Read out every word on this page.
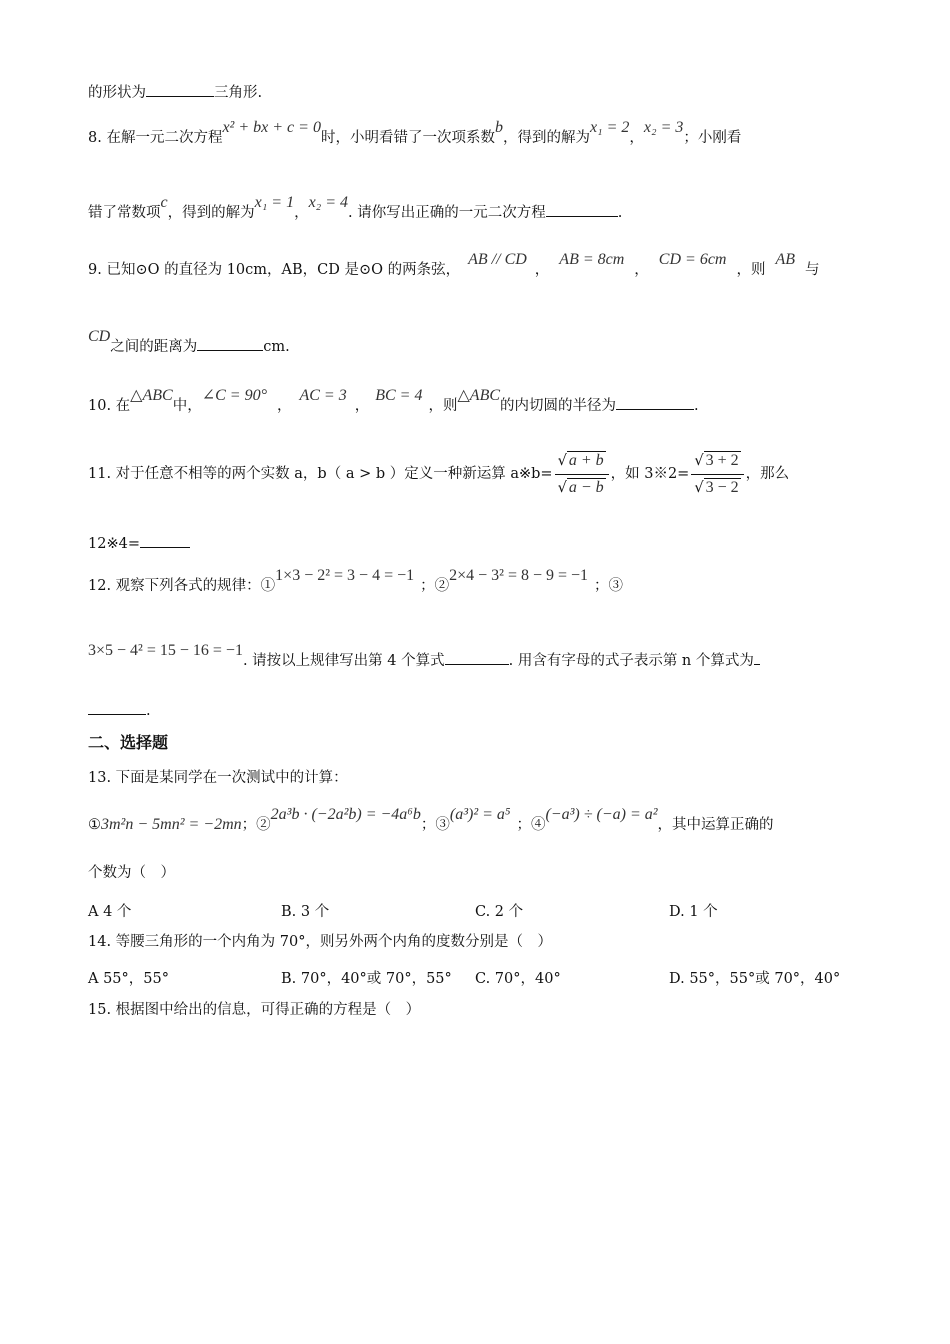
的形状为	三角形.
8. 在解一元二次方程x² + bx + c = 0时，小明看错了一次项系数b，得到的解为x₁ = 2，x₂ = 3；小刚看
错了常数项c，得到的解为x₁ = 1，x₂ = 4. 请你写出正确的一元二次方程	.
9. 已知⊙O 的直径为 10cm，AB，CD 是⊙O 的两条弦，AB // CD，AB = 8cm，CD = 6cm，则AB与
CD之间的距离为	cm.
10. 在△ABC中，∠C = 90°，AC = 3，BC = 4，则△ABC的内切圆的半径为	.
11. 对于任意不相等的两个实数 a，b（ a > b ）定义一种新运算 a※b= $\frac{√ a + b}{√ a - b}$ ，如 3※2= $\frac{√ 3 + 2}{√ 3 - 2}$ ，那么
12※4=
12. 观察下列各式的规律：①1×3 − 2² = 3 − 4 = −1；②2×4 − 3² = 8 − 9 = −1；③
3×5 − 4² = 15 − 16 = −1. 请按以上规律写出第 4 个算式	. 用含有字母的式子表示第 n 个算式为
.
二、选择题
13. 下面是某同学在一次测试中的计算：
①3m²n − 5mn² = −2mn；②2a³b · (−2a²b) = −4a⁶b；③(a³)² = a⁵；④(−a³) ÷ (−a) = a²，其中运算正确的
个数为（　）
A 4 个	B. 3 个	C. 2 个	D. 1 个
14. 等腰三角形的一个内角为 70°，则另外两个内角的度数分别是（　）
A 55°，55°	B. 70°，40°或 70°，55° C. 70°，40°	D. 55°，55°或 70°，40°
15. 根据图中给出的信息，可得正确的方程是（　）
